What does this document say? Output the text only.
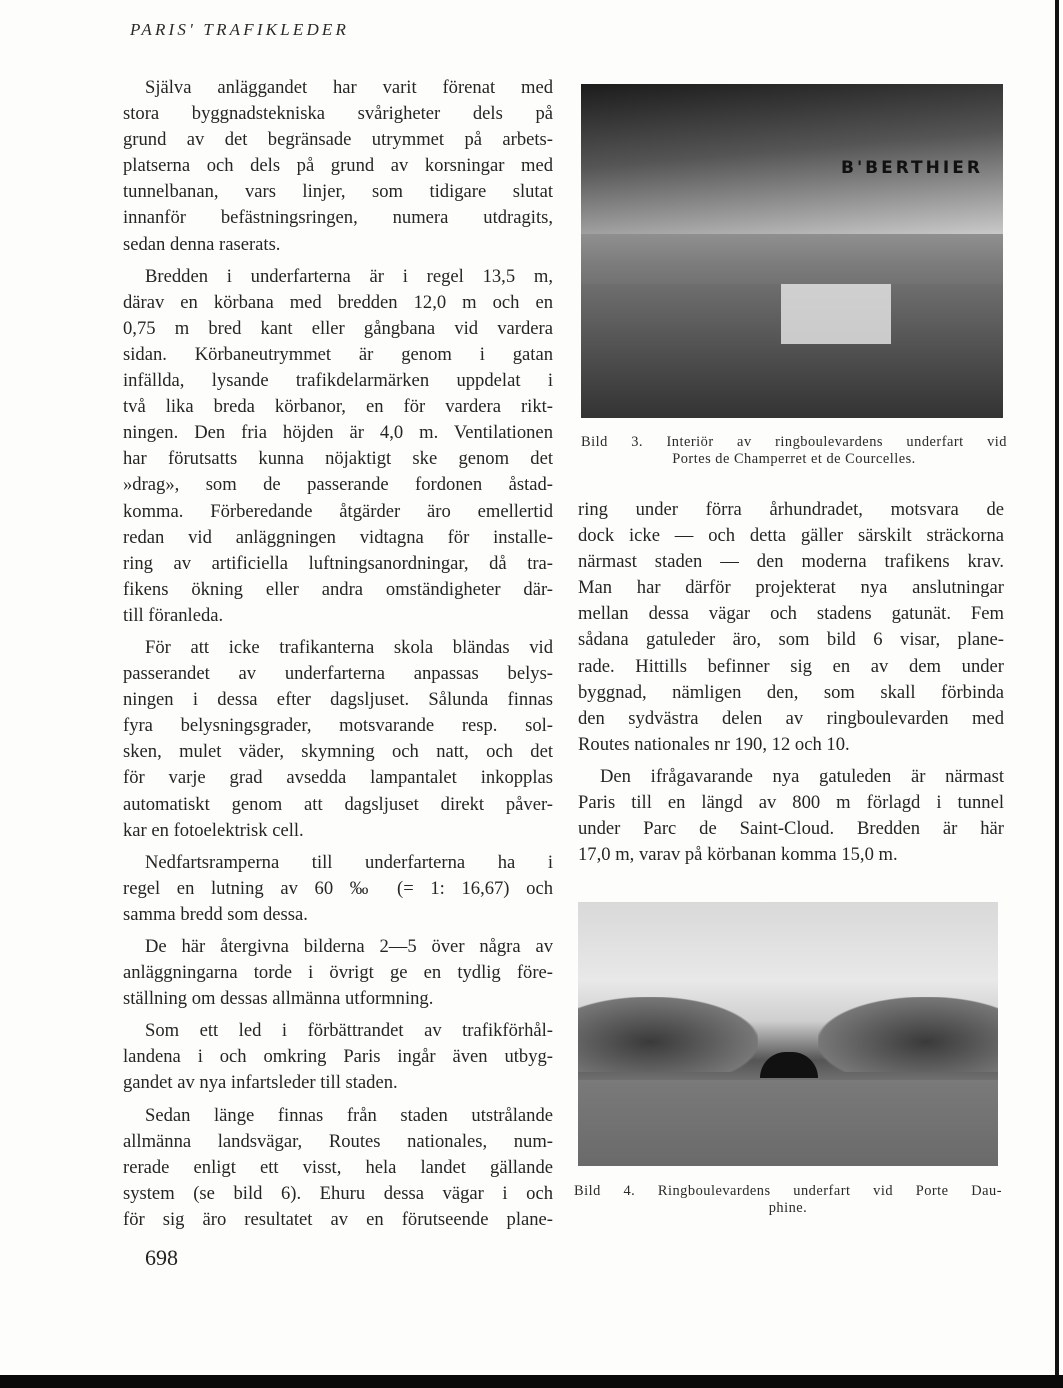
PARIS' TRAFIKLEDER
Själva anläggandet har varit förenat med
stora byggnadstekniska svårigheter dels på
grund av det begränsade utrymmet på arbets-
platserna och dels på grund av korsningar med
tunnelbanan, vars linjer, som tidigare slutat
innanför befästningsringen, numera utdragits,
sedan denna raserats.
Bredden i underfarterna är i regel 13,5 m,
därav en körbana med bredden 12,0 m och en
0,75 m bred kant eller gångbana vid vardera
sidan. Körbaneutrymmet är genom i gatan
infällda, lysande trafikdelarmärken uppdelat i
två lika breda körbanor, en för vardera rikt-
ningen. Den fria höjden är 4,0 m. Ventilationen
har förutsatts kunna nöjaktigt ske genom det
»drag», som de passerande fordonen åstad-
komma. Förberedande åtgärder äro emellertid
redan vid anläggningen vidtagna för installe-
ring av artificiella luftningsanordningar, då tra-
fikens ökning eller andra omständigheter där-
till föranleda.
För att icke trafikanterna skola bländas vid
passerandet av underfarterna anpassas belys-
ningen i dessa efter dagsljuset. Sålunda finnas
fyra belysningsgrader, motsvarande resp. sol-
sken, mulet väder, skymning och natt, och det
för varje grad avsedda lampantalet inkopplas
automatiskt genom att dagsljuset direkt påver-
kar en fotoelektrisk cell.
Nedfartsramperna till underfarterna ha i
regel en lutning av 60 ‰ (= 1: 16,67) och
samma bredd som dessa.
De här återgivna bilderna 2—5 över några av
anläggningarna torde i övrigt ge en tydlig före-
ställning om dessas allmänna utformning.
Som ett led i förbättrandet av trafikförhål-
landena i och omkring Paris ingår även utbyg-
gandet av nya infartsleder till staden.
Sedan länge finnas från staden utstrålande
allmänna landsvägar, Routes nationales, num-
rerade enligt ett visst, hela landet gällande
system (se bild 6). Ehuru dessa vägar i och
för sig äro resultatet av en förutseende plane-
B'BERTHIER
Bild 3. Interiör av ringboulevardens underfart vid
Portes de Champerret et de Courcelles.
ring under förra århundradet, motsvara de
dock icke — och detta gäller särskilt sträckorna
närmast staden — den moderna trafikens krav.
Man har därför projekterat nya anslutningar
mellan dessa vägar och stadens gatunät. Fem
sådana gatuleder äro, som bild 6 visar, plane-
rade. Hittills befinner sig en av dem under
byggnad, nämligen den, som skall förbinda
den sydvästra delen av ringboulevarden med
Routes nationales nr 190, 12 och 10.
Den ifrågavarande nya gatuleden är närmast
Paris till en längd av 800 m förlagd i tunnel
under Parc de Saint-Cloud. Bredden är här
17,0 m, varav på körbanan komma 15,0 m.
Bild 4. Ringboulevardens underfart vid Porte Dau-
phine.
698
